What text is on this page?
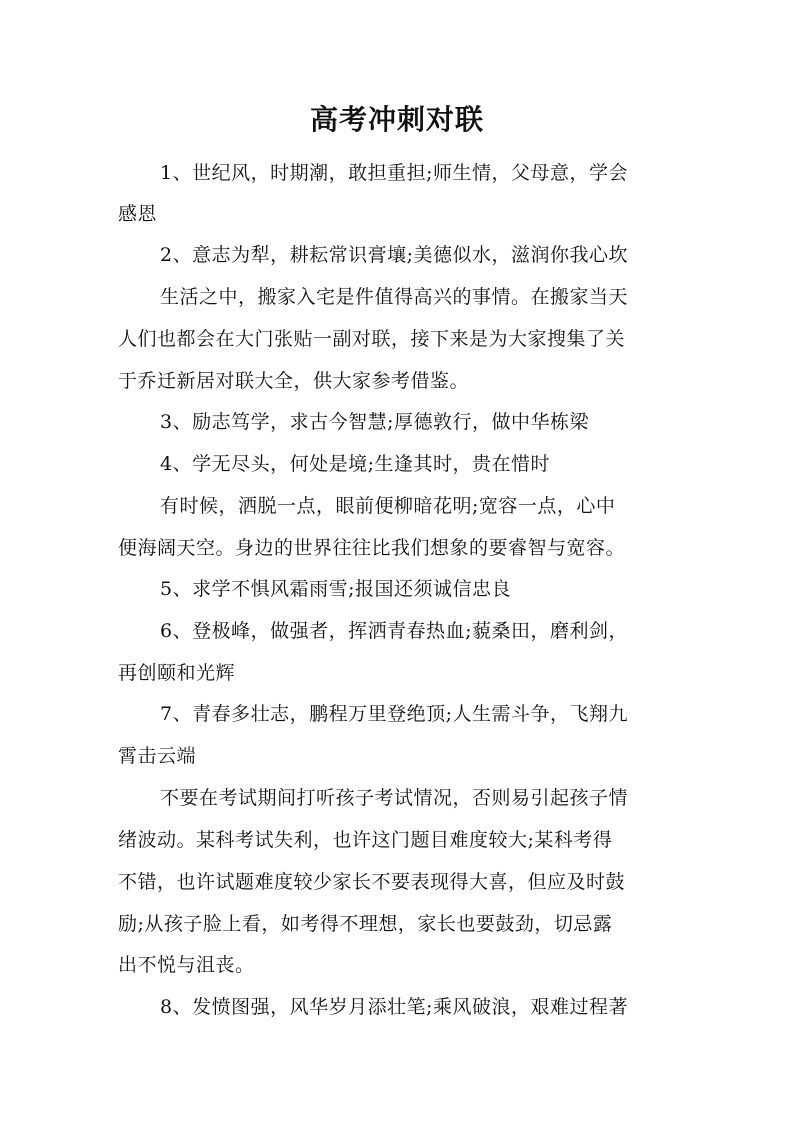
高考冲刺对联
1、世纪风，时期潮，敢担重担;师生情，父母意，学会
感恩
2、意志为犁，耕耘常识膏壤;美德似水，滋润你我心坎
生活之中，搬家入宅是件值得高兴的事情。在搬家当天
人们也都会在大门张贴一副对联，接下来是为大家搜集了关
于乔迁新居对联大全，供大家参考借鉴。
3、励志笃学，求古今智慧;厚德敦行，做中华栋梁
4、学无尽头，何处是境;生逢其时，贵在惜时
有时候，洒脱一点，眼前便柳暗花明;宽容一点，心中
便海阔天空。身边的世界往往比我们想象的要睿智与宽容。
5、求学不惧风霜雨雪;报国还须诚信忠良
6、登极峰，做强者，挥洒青春热血;藐桑田，磨利剑，
再创颐和光辉
7、青春多壮志，鹏程万里登绝顶;人生需斗争，飞翔九
霄击云端
不要在考试期间打听孩子考试情况，否则易引起孩子情
绪波动。某科考试失利，也许这门题目难度较大;某科考得
不错，也许试题难度较少家长不要表现得大喜，但应及时鼓
励;从孩子脸上看，如考得不理想，家长也要鼓劲，切忌露
出不悦与沮丧。
8、发愤图强，风华岁月添壮笔;乘风破浪，艰难过程著
